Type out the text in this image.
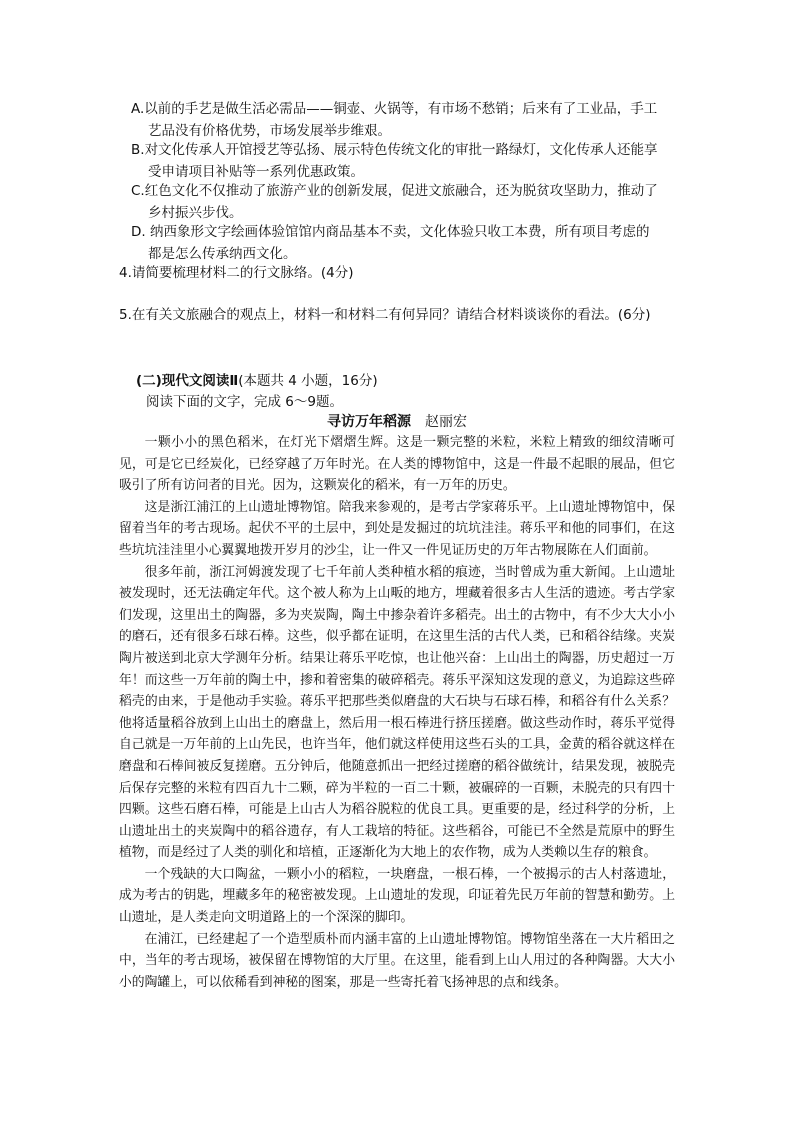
A.以前的手艺是做生活必需品——铜壶、火锅等，有市场不愁销；后来有了工业品，手工
艺品没有价格优势，市场发展举步维艰。
B.对文化传承人开馆授艺等弘扬、展示特色传统文化的审批一路绿灯，文化传承人还能享
受申请项目补贴等一系列优惠政策。
C.红色文化不仅推动了旅游产业的创新发展，促进文旅融合，还为脱贫攻坚助力，推动了
乡村振兴步伐。
D. 纳西象形文字绘画体验馆馆内商品基本不卖，文化体验只收工本费，所有项目考虑的
都是怎么传承纳西文化。
4.请简要梳理材料二的行文脉络。(4分)
5.在有关文旅融合的观点上，材料一和材料二有何异同？请结合材料谈谈你的看法。(6分)
(二)现代文阅读Ⅱ(本题共 4 小题，16分)
阅读下面的文字，完成 6～9题。
寻访万年稻源 赵丽宏

一颗小小的黑色稻米，在灯光下熠熠生辉。这是一颗完整的米粒，米粒上精致的细纹清晰可见，可是它已经炭化，已经穿越了万年时光。在人类的博物馆中，这是一件最不起眼的展品，但它吸引了所有访问者的目光。因为，这颗炭化的稻米，有一万年的历史。

这是浙江浦江的上山遗址博物馆。陪我来参观的，是考古学家蒋乐平。上山遗址博物馆中，保留着当年的考古现场。起伏不平的土层中，到处是发掘过的坑坑洼洼。蒋乐平和他的同事们，在这些坑坑洼洼里小心翼翼地拨开岁月的沙尘，让一件又一件见证历史的万年古物展陈在人们面前。

很多年前，浙江河姆渡发现了七千年前人类种植水稻的痕迹，当时曾成为重大新闻。上山遗址被发现时，还无法确定年代。这个被人称为上山畈的地方，埋藏着很多古人生活的遗迹。考古学家们发现，这里出土的陶器，多为夹炭陶，陶土中掺杂着许多稻壳。出土的古物中，有不少大大小小的磨石，还有很多石球石棒。这些，似乎都在证明，在这里生活的古代人类，已和稻谷结缘。夹炭陶片被送到北京大学测年分析。结果让蒋乐平吃惊，也让他兴奋：上山出土的陶器，历史超过一万年！而这些一万年前的陶土中，掺和着密集的破碎稻壳。蒋乐平深知这发现的意义，为追踪这些碎稻壳的由来，于是他动手实验。蒋乐平把那些类似磨盘的大石块与石球石棒，和稻谷有什么关系？他将适量稻谷放到上山出土的磨盘上，然后用一根石棒进行挤压搓磨。做这些动作时，蒋乐平觉得自己就是一万年前的上山先民，也许当年，他们就这样使用这些石头的工具，金黄的稻谷就这样在磨盘和石棒间被反复搓磨。五分钟后，他随意抓出一把经过搓磨的稻谷做统计，结果发现，被脱壳后保存完整的米粒有四百九十二颗，碎为半粒的一百二十颗，被碾碎的一百颗，未脱壳的只有四十四颗。这些石磨石棒，可能是上山古人为稻谷脱粒的优良工具。更重要的是，经过科学的分析，上山遗址出土的夹炭陶中的稻谷遗存，有人工栽培的特征。这些稻谷，可能已不全然是荒原中的野生植物，而是经过了人类的驯化和培植，正逐渐化为大地上的农作物，成为人类赖以生存的粮食。

一个残缺的大口陶盆，一颗小小的稻粒，一块磨盘，一根石棒，一个被揭示的古人村落遗址，成为考古的钥匙，埋藏多年的秘密被发现。上山遗址的发现，印证着先民万年前的智慧和勤劳。上山遗址，是人类走向文明道路上的一个深深的脚印。

在浦江，已经建起了一个造型质朴而内涵丰富的上山遗址博物馆。博物馆坐落在一大片稻田之中，当年的考古现场，被保留在博物馆的大厅里。在这里，能看到上山人用过的各种陶器。大大小小的陶罐上，可以依稀看到神秘的图案，那是一些寄托着飞扬神思的点和线条。
